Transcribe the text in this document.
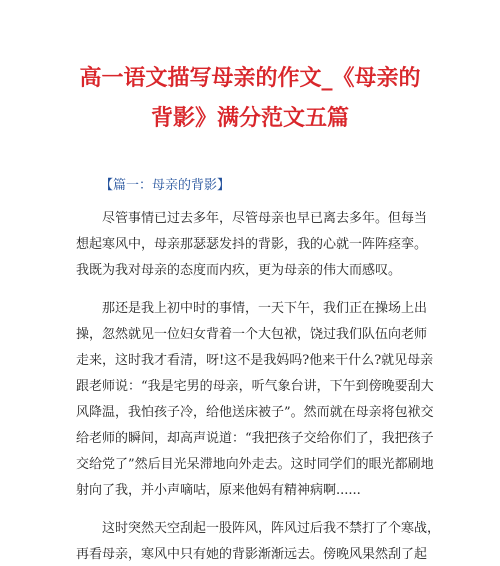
高一语文描写母亲的作文_《母亲的
背影》满分范文五篇
【篇一：母亲的背影】
尽管事情已过去多年，尽管母亲也早已离去多年。但每当
想起寒风中，母亲那瑟瑟发抖的背影，我的心就一阵阵痉挛。
我既为我对母亲的态度而内疚，更为母亲的伟大而感叹。
那还是我上初中时的事情，一天下午，我们正在操场上出
操，忽然就见一位妇女背着一个大包袱，饶过我们队伍向老师
走来，这时我才看清，呀!这不是我妈吗?他来干什么?就见母亲
跟老师说：“我是宅男的母亲，听气象台讲，下午到傍晚要刮大
风降温，我怕孩子冷，给他送床被子”。然而就在母亲将包袱交
给老师的瞬间，却高声说道：“我把孩子交给你们了，我把孩子
交给党了”然后目光呆滞地向外走去。这时同学们的眼光都刷地
射向了我，并小声嘀咕，原来他妈有精神病啊......
这时突然天空刮起一股阵风，阵风过后我不禁打了个寒战，
再看母亲，寒风中只有她的背影渐渐远去。傍晚风果然刮了起
